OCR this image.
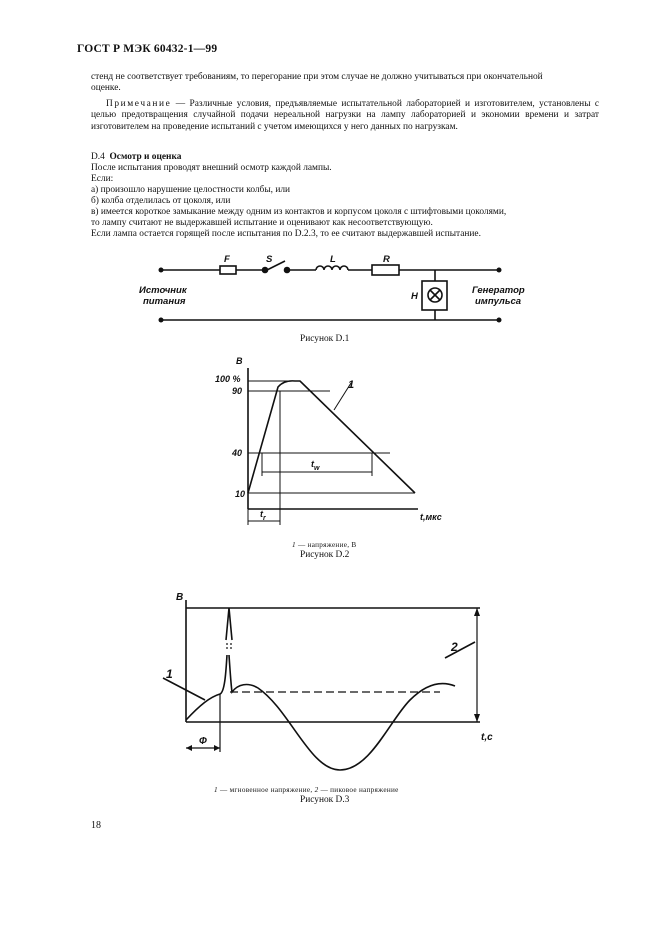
ГОСТ Р МЭК 60432-1—99
стенд не соответствует требованиям, то перегорание при этом случае не должно учитываться при окончательной
оценке.

Примечание — Различные условия, предъявляемые испытательной лабораторией и изготовителем, установлены с целью предотвращения случайной подачи нереальной нагрузки на лампу лабораторией и экономии времени и затрат изготовителем на проведение испытаний с учетом имеющихся у него данных по нагрузкам.

D.4 Осмотр и оценка
После испытания проводят внешний осмотр каждой лампы.
Если:
а) произошло нарушение целостности колбы, или
б) колба отделилась от цоколя, или
в) имеется короткое замыкание между одним из контактов и корпусом цоколя с штифтовыми цоколями,
то лампу считают не выдержавшей испытание и оценивают как несоответствующую.
Если лампа остается горящей после испытания по D.2.3, то ее считают выдержавшей испытание.
F	S	L	R
H
Источник
питания
Генератор
импульса
Рисунок D.1
В
100 %
90
40
10
t,мкс
1
$t_w$
$t_r$
1 — напряжение, В
Рисунок D.2
В
t,с
Ф
1
2
1 — мгновенное напряжение, 2 — пиковое напряжение
Рисунок D.3
18
